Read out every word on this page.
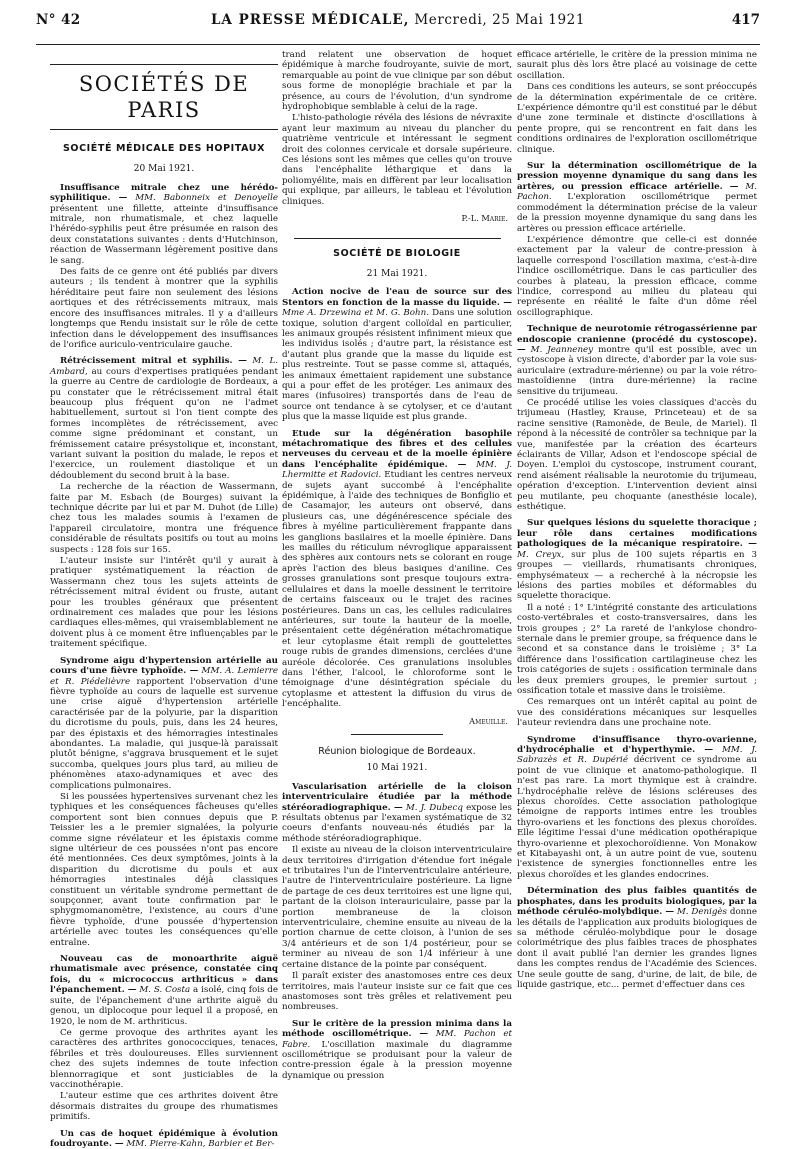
N° 42	LA PRESSE MÉDICALE, Mercredi, 25 Mai 1921	417
SOCIÉTÉS DE PARIS
SOCIÉTÉ MÉDICALE DES HOPITAUX
20 Mai 1921.

Insuffisance mitrale chez une hérédo-syphilitique. — MM. Babonneix et Denoyelle présentent une fillette, atteinte d'insuffisance mitrale, non rhumatismale, et chez laquelle l'hérédo-syphilis peut être présumée en raison des deux constatations suivantes : dents d'Hutchinson, réaction de Wassermann légèrement positive dans le sang.

Des faits de ce genre ont été publiés par divers auteurs ; ils tendent à montrer que la syphilis héréditaire peut faire non seulement des lésions aortiques et des rétrécissements mitraux, mais encore des insuffisances mitrales. Il y a d'ailleurs longtemps que Rendu insistait sur le rôle de cette infection dans le développement des insuffisances de l'orifice auriculo-ventriculaire gauche.

Rétrécissement mitral et syphilis. — M. L. Ambard, au cours d'expertises pratiquées pendant la guerre au Centre de cardiologie de Bordeaux, a pu constater que le rétrécissement mitral était beaucoup plus fréquent qu'on ne l'admet habituellement, surtout si l'on tient compte des formes incomplètes de rétrécissement, avec comme signe prédominant et constant, un frémissement cataire présystolique et, inconstant, variant suivant la position du malade, le repos et l'exercice, un roulement diastolique et un dédoublement du second bruit à la base.

La recherche de la réaction de Wassermann, faite par M. Esbach (de Bourges) suivant la technique décrite par lui et par M. Duhot (de Lille) chez tous les malades soumis à l'examen de l'appareil circulatoire, montra une fréquence considérable de résultats positifs ou tout au moins suspects : 128 fois sur 165.

L'auteur insiste sur l'intérêt qu'il y aurait à pratiquer systématiquement la réaction de Wassermann chez tous les sujets atteints de rétrécissement mitral évident ou fruste, autant pour les troubles généraux que présentent ordinairement ces malades que pour les lésions cardiaques elles-mêmes, qui vraisemblablement ne doivent plus à ce moment être influençables par le traitement spécifique.

Syndrome aigu d'hypertension artérielle au cours d'une fièvre typhoïde. — MM. A. Lemierre et R. Piédelièvre rapportent l'observation d'une fièvre typhoïde au cours de laquelle est survenue une crise aiguë d'hypertension artérielle caractérisée par de la polyurie, par la disparition du dicrotisme du pouls, puis, dans les 24 heures, par des épistaxis et des hémorragies intestinales abondantes. La maladie, qui jusque-là paraissait plutôt bénigne, s'aggrava brusquement et le sujet succomba, quelques jours plus tard, au milieu de phénomènes ataxo-adynamiques et avec des complications pulmonaires.

Si les poussées hypertensives survenant chez les typhiques et les conséquences fâcheuses qu'elles comportent sont bien connues depuis que P. Teissier les a le premier signalées, la polyurie comme signe révélateur et les épistaxis comme signe ultérieur de ces poussées n'ont pas encore été mentionnées. Ces deux symptômes, joints à la disparition du dicrotisme du pouls et aux hémorragies intestinales déjà classiques constituent un véritable syndrome permettant de soupçonner, avant toute confirmation par le sphygmomanomètre, l'existence, au cours d'une fièvre typhoïde, d'une poussée d'hypertension artérielle avec toutes les conséquences qu'elle entraîne.

Nouveau cas de monoarthrite aiguë rhumatismale avec présence, constatée cinq fois, du « micrococcus arthriticus » dans l'épanchement. — M. S. Costa a isolé, cinq fois de suite, de l'épanchement d'une arthrite aiguë du genou, un diplocoque pour lequel il a proposé, en 1920, le nom de M. arthriticus.

Ce germe provoque des arthrites ayant les caractères des arthrites gonococciques, tenaces, fébriles et très douloureuses. Elles surviennent chez des sujets indemnes de toute infection blennorragique et sont justiciables de la vaccinothérapie.

L'auteur estime que ces arthrites doivent être désormais distraites du groupe des rhumatismes primitifs.

Un cas de hoquet épidémique à évolution foudroyante. — MM. Pierre-Kahn, Barbier et Ber-

trand relatent une observation de hoquet épidémique à marche foudroyante, suivie de mort, remarquable au point de vue clinique par son début sous forme de monoplégie brachiale et par la présence, au cours de l'évolution, d'un syndrome hydrophobique semblable à celui de la rage.

L'histo-pathologie révéla des lésions de névraxite ayant leur maximum au niveau du plancher du quatrième ventricule et intéressant le segment droit des colonnes cervicale et dorsale supérieure. Ces lésions sont les mêmes que celles qu'on trouve dans l'encéphalite léthargique et dans la poliomyélite, mais en diffèrent par leur localisation qui explique, par ailleurs, le tableau et l'évolution cliniques.

P.-L. Marie.
SOCIÉTÉ DE BIOLOGIE
21 Mai 1921.

Action nocive de l'eau de source sur des Stentors en fonction de la masse du liquide. — Mme A. Drzewina et M. G. Bohn. Dans une solution toxique, solution d'argent colloïdal en particulier, les animaux groupés résistent infiniment mieux que les individus isolés ; d'autre part, la résistance est d'autant plus grande que la masse du liquide est plus restreinte. Tout se passe comme si, attaqués, les animaux émettaient rapidement une substance qui a pour effet de les protéger. Les animaux des mares (infusoires) transportés dans de l'eau de source ont tendance à se cytolyser, et ce d'autant plus que la masse liquide est plus grande.

Etude sur la dégénération basophile métachromatique des fibres et des cellules nerveuses du cerveau et de la moelle épinière dans l'encéphalite épidémique. — MM. J. Lhermitte et Radovici. Etudiant les centres nerveux de sujets ayant succombé à l'encéphalite épidémique, à l'aide des techniques de Bonfiglio et de Casamajor, les auteurs ont observé, dans plusieurs cas, une dégénérescence spéciale des fibres à myéline particulièrement frappante dans les ganglions basilaires et la moelle épinière. Dans les mailles du réticulum névroglique apparaissent des sphères aux contours nets se colorant en rouge après l'action des bleus basiques d'aniline. Ces grosses granulations sont presque toujours extra-cellulaires et dans la moelle dessinent le territoire de certains faisceaux ou le trajet des racines postérieures. Dans un cas, les cellules radiculaires antérieures, sur toute la hauteur de la moelle, présentaient cette dégénération métachromatique et leur cytoplasme était rempli de gouttelettes rouge rubis de grandes dimensions, cerclées d'une auréole décolorée. Ces granulations insolubles dans l'éther, l'alcool, le chloroforme sont le témoignage d'une désintégration spéciale du cytoplasme et attestent la diffusion du virus de l'encéphalite.

Ameuille.
Réunion biologique de Bordeaux.
10 Mai 1921.

Vascularisation artérielle de la cloison interventriculaire étudiée par la méthode stéréoradiographique. — M. J. Dubecq expose les résultats obtenus par l'examen systématique de 32 coeurs d'enfants nouveau-nés étudiés par la méthode stéréoradiographique.

Il existe au niveau de la cloison interventriculaire deux territoires d'irrigation d'étendue fort inégale et tributaires l'un de l'interventriculaire antérieure, l'autre de l'interventriculaire postérieure. La ligne de partage de ces deux territoires est une ligne qui, partant de la cloison interauriculaire, passe par la portion membraneuse de la cloison interventriculaire, chemine ensuite au niveau de la portion charnue de cette cloison, à l'union de ses 3/4 antérieurs et de son 1/4 postérieur, pour se terminer au niveau de son 1/4 inférieur à une certaine distance de la pointe par conséquent.

Il paraît exister des anastomoses entre ces deux territoires, mais l'auteur insiste sur ce fait que ces anastomoses sont très grêles et relativement peu nombreuses.

Sur le critère de la pression minima dans la méthode oscillométrique. — MM. Pachon et Fabre. L'oscillation maximale du diagramme oscillométrique se produisant pour la valeur de contre-pression égale à la pression moyenne dynamique ou pression

efficace artérielle, le critère de la pression minima ne saurait plus dès lors être placé au voisinage de cette oscillation.

Dans ces conditions les auteurs, se sont préoccupés de la détermination expérimentale de ce critère. L'expérience démontre qu'il est constitué par le début d'une zone terminale et distincte d'oscillations à pente propre, qui se rencontrent en fait dans les conditions ordinaires de l'exploration oscillométrique clinique.

Sur la détermination oscillométrique de la pression moyenne dynamique du sang dans les artères, ou pression efficace artérielle. — M. Pachon. L'exploration oscillométrique permet commodément la détermination précise de la valeur de la pression moyenne dynamique du sang dans les artères ou pression efficace artérielle.

L'expérience démontre que celle-ci est donnée exactement par la valeur de contre-pression à laquelle correspond l'oscillation maxima, c'est-à-dire l'indice oscillométrique. Dans le cas particulier des courbes à plateau, la pression efficace, comme l'indice, correspond au milieu du plateau qui représente en réalité le faîte d'un dôme réel oscillographique.

Technique de neurotomie rétrogassérienne par endoscopie cranienne (procédé du cystoscope). — M. Jeanneney montre qu'il est possible, avec un cystoscope à vision directe, d'aborder par la voie sus-auriculaire (extradure-mérienne) ou par la voie rétro-mastoïdienne (intra dure-mérienne) la racine sensitive du trijumeau.

Ce procédé utilise les voies classiques d'accès du trijumeau (Hastley, Krause, Princeteau) et de sa racine sensitive (Ramonède, de Beule, de Mariel). Il répond à la nécessité de contrôler sa technique par la vue, manifestée par la création des écarteurs éclairants de Villar, Adson et l'endoscope spécial de Doyen. L'emploi du cystoscope, instrument courant, rend aisément réalisable la neurotomie du trijumeau, opération d'exception. L'intervention devient ainsi peu mutilante, peu choquante (anesthésie locale), esthétique.

Sur quelques lésions du squelette thoracique ; leur rôle dans certaines modifications pathologiques de la mécanique respiratoire. — M. Creyx, sur plus de 100 sujets répartis en 3 groupes — vieillards, rhumatisants chroniques, emphysémateux — a recherché à la nécropsie les lésions des parties mobiles et déformables du squelette thoracique.

Il a noté : 1° L'intégrité constante des articulations costo-vertébrales et costo-transversaires, dans les trois groupes ; 2° La rareté de l'ankylose chondro-sternale dans le premier groupe, sa fréquence dans le second et sa constance dans le troisième ; 3° La différence dans l'ossification cartilagineuse chez les trois catégories de sujets : ossification terminale dans les deux premiers groupes, le premier surtout ; ossification totale et massive dans le troisième.

Ces remarques ont un intérêt capital au point de vue des considérations mécaniques sur lesquelles l'auteur reviendra dans une prochaine note.

Syndrome d'insuffisance thyro-ovarienne, d'hydrocéphalie et d'hyperthymie. — MM. J. Sabrazès et R. Dupérié décrivent ce syndrome au point de vue clinique et anatomo-pathologique. Il n'est pas rare. La mort thymique est à craindre. L'hydrocéphalie relève de lésions scléreuses des plexus choroïdes. Cette association pathologique témoigne de rapports intimes entre les troubles thyro-ovariens et les fonctions des plexus choroïdes. Elle légitime l'essai d'une médication opothérapique thyro-ovarienne et plexochoroïdienne. Von Monakow et Kitabayashi ont, à un autre point de vue, soutenu l'existence de synergies fonctionnelles entre les plexus choroïdes et les glandes endocrines.

Détermination des plus faibles quantités de phosphates, dans les produits biologiques, par la méthode céruléo-molybdique. — M. Denigès donne les détails de l'application aux produits biologiques de sa méthode céruléo-molybdique pour le dosage colorimétrique des plus faibles traces de phosphates dont il avait publié l'an dernier les grandes lignes dans les comptes rendus de l'Académie des Sciences. Une seule goutte de sang, d'urine, de lait, de bile, de liquide gastrique, etc... permet d'effectuer dans ces
